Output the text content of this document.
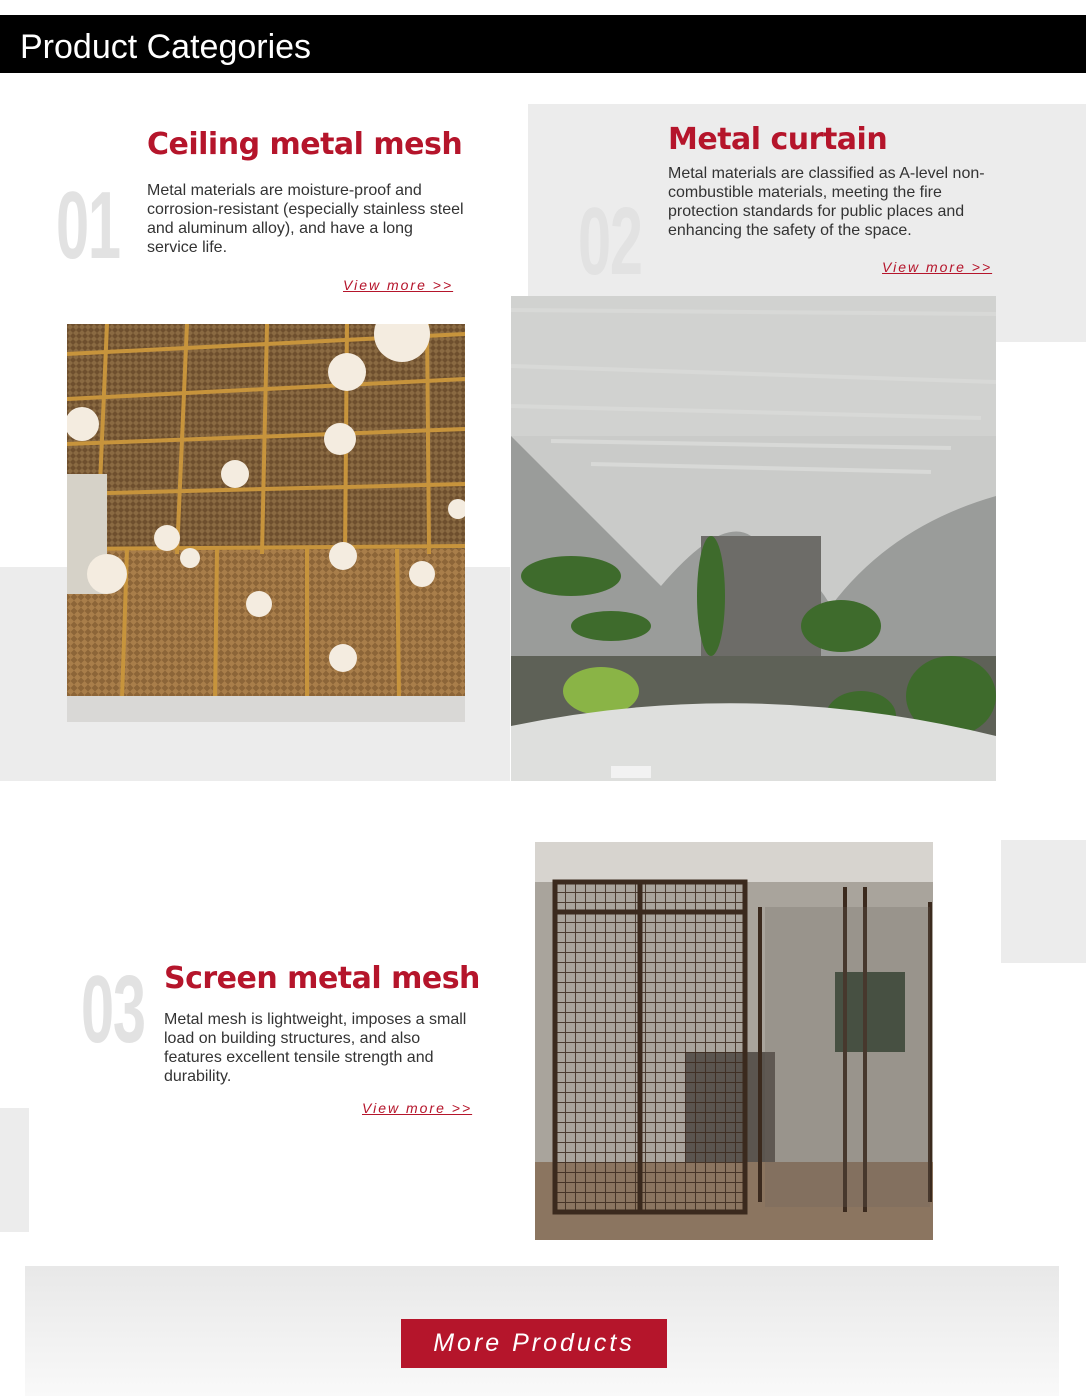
Product Categories
01
Ceiling metal mesh
Metal materials are moisture-proof and corrosion-resistant (especially stainless steel and aluminum alloy), and have a long service life.
View more >> 02
Metal curtain
Metal materials are classified as A-level non-combustible materials, meeting the fire protection standards for public places and enhancing the safety of the space.
View more >>
03 Screen metal mesh
Metal mesh is lightweight, imposes a small load on building structures, and also features excellent tensile strength and durability.
View more >>
More Products
